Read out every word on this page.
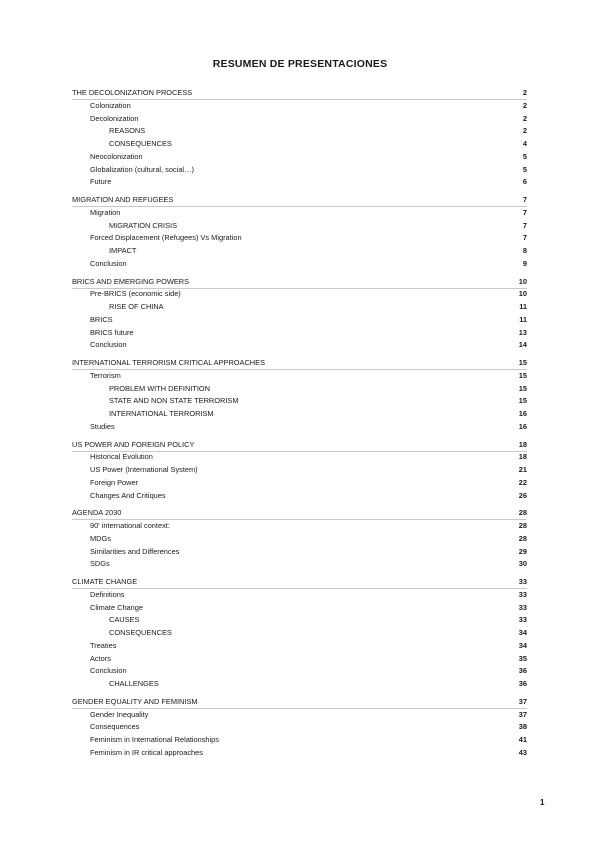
RESUMEN DE PRESENTACIONES
THE DECOLONIZATION PROCESS	2
Colonization	2
Decolonization	2
REASONS	2
CONSEQUENCES	4
Neocolonization	5
Globalization (cultural, social…)	5
Future	6
MIGRATION AND REFUGEES	7
Migration	7
MIGRATION CRISIS	7
Forced Displacement (Refugees) Vs Migration	7
IMPACT	8
Conclusion	9
BRICS AND EMERGING POWERS	10
Pre-BRICS (economic side)	10
RISE OF CHINA	11
BRICS	11
BRICS future	13
Conclusion	14
INTERNATIONAL TERRORISM CRITICAL APPROACHES	15
Terrorism	15
PROBLEM WITH DEFINITION	15
STATE AND NON STATE TERRORISM	15
INTERNATIONAL TERRORISM	16
Studies	16
US POWER AND FOREIGN POLICY	18
Historical Evolution	18
US Power (International System)	21
Foreign Power	22
Changes And Critiques	26
AGENDA 2030	28
90' international context:	28
MDGs	28
Similarities and Differences	29
SDGs	30
CLIMATE CHANGE	33
Definitions	33
Climate Change	33
CAUSES	33
CONSEQUENCES	34
Treaties	34
Actors	35
Conclusion	36
CHALLENGES	36
GENDER EQUALITY AND FEMINISM	37
Gender Inequality	37
Consequences	38
Feminism in International Relationships	41
Feminism in IR critical approaches	43
1
